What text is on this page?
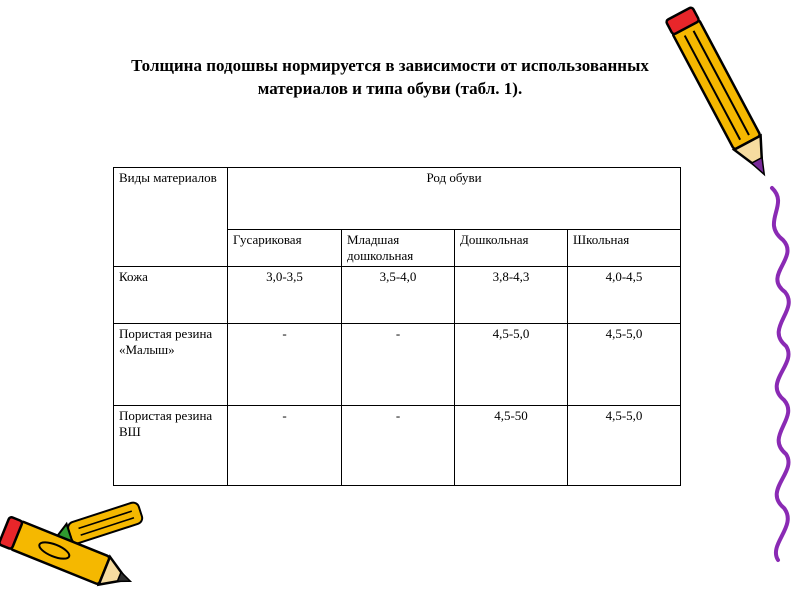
Толщина подошвы нормируется в зависимости от использованных
материалов и типа обуви (табл. 1).
Виды материалов	Род обуви			
	Гусариковая	Младшая дошкольная	Дошкольная	Школьная
Кожа	3,0-3,5	3,5-4,0	3,8-4,3	4,0-4,5
Пористая резина «Малыш»	-	-	4,5-5,0	4,5-5,0
Пористая резина ВШ	-	-	4,5-50	4,5-5,0
